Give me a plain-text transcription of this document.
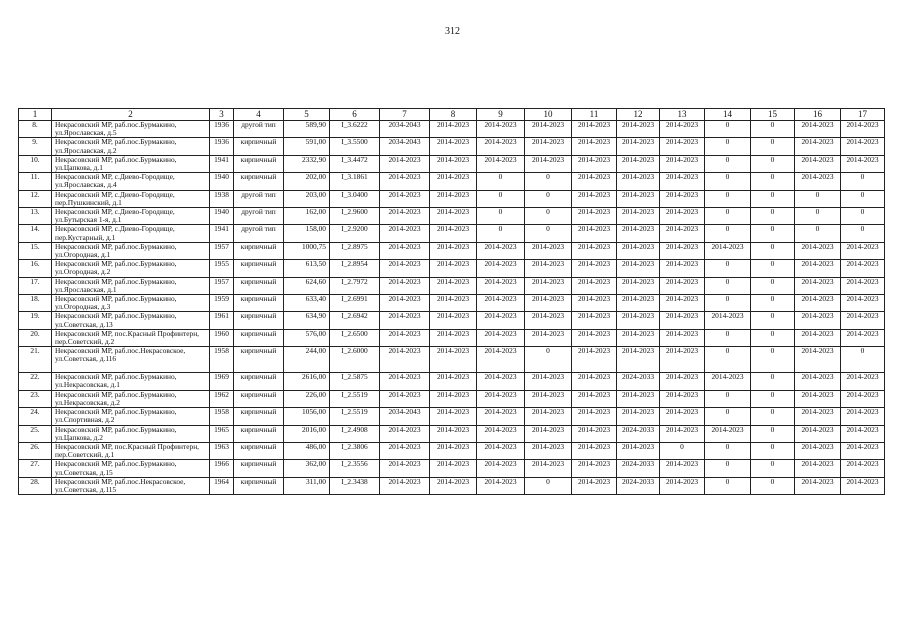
312
1	2	3	4	5	6	7	8	9	10	11	12	13	14	15	16	17
8.	Некрасовский МР, раб.пос.Бурмакино, ул.Ярославская, д.5	1936	другой тип	589,90	I_3.6222	2034-2043	2014-2023	2014-2023	2014-2023	2014-2023	2014-2023	2014-2023	0	0	2014-2023	2014-2023
9.	Некрасовский МР, раб.пос.Бурмакино, ул.Ярославская, д.2	1936	кирпичный	591,00	I_3.5500	2034-2043	2014-2023	2014-2023	2014-2023	2014-2023	2014-2023	2014-2023	0	0	2014-2023	2014-2023
10.	Некрасовский МР, раб.пос.Бурмакино, ул.Цапкова, д.1	1941	кирпичный	2332,90	I_3.4472	2014-2023	2014-2023	2014-2023	2014-2023	2014-2023	2014-2023	2014-2023	0	0	2014-2023	2014-2023
11.	Некрасовский МР, с.Диево-Городище, ул.Ярославская, д.4	1940	кирпичный	202,00	I_3.1861	2014-2023	2014-2023	0	0	2014-2023	2014-2023	2014-2023	0	0	2014-2023	0
12.	Некрасовский МР, с.Диево-Городище, пер.Пушкинский, д.1	1938	другой тип	203,00	I_3.0400	2014-2023	2014-2023	0	0	2014-2023	2014-2023	2014-2023	0	0	0	0
13.	Некрасовский МР, с.Диево-Городище, ул.Бутырская 1-я, д.1	1940	другой тип	162,00	I_2.9600	2014-2023	2014-2023	0	0	2014-2023	2014-2023	2014-2023	0	0	0	0
14.	Некрасовский МР, с.Диево-Городище, пер.Кустарный, д.1	1941	другой тип	158,00	I_2.9200	2014-2023	2014-2023	0	0	2014-2023	2014-2023	2014-2023	0	0	0	0
15.	Некрасовский МР, раб.пос.Бурмакино, ул.Огородная, д.1	1957	кирпичный	1000,75	I_2.8975	2014-2023	2014-2023	2014-2023	2014-2023	2014-2023	2014-2023	2014-2023	2014-2023	0	2014-2023	2014-2023
16.	Некрасовский МР, раб.пос.Бурмакино, ул.Огородная, д.2	1955	кирпичный	613,50	I_2.8954	2014-2023	2014-2023	2014-2023	2014-2023	2014-2023	2014-2023	2014-2023	0	0	2014-2023	2014-2023
17.	Некрасовский МР, раб.пос.Бурмакино, ул.Ярославская, д.1	1957	кирпичный	624,60	I_2.7972	2014-2023	2014-2023	2014-2023	2014-2023	2014-2023	2014-2023	2014-2023	0	0	2014-2023	2014-2023
18.	Некрасовский МР, раб.пос.Бурмакино, ул.Огородная, д.3	1959	кирпичный	633,40	I_2.6991	2014-2023	2014-2023	2014-2023	2014-2023	2014-2023	2014-2023	2014-2023	0	0	2014-2023	2014-2023
19.	Некрасовский МР, раб.пос.Бурмакино, ул.Советская, д.13	1961	кирпичный	634,90	I_2.6942	2014-2023	2014-2023	2014-2023	2014-2023	2014-2023	2014-2023	2014-2023	2014-2023	0	2014-2023	2014-2023
20.	Некрасовский МР, пос.Красный Профинтерн, пер.Советский, д.2	1960	кирпичный	576,00	I_2.6500	2014-2023	2014-2023	2014-2023	2014-2023	2014-2023	2014-2023	2014-2023	0	0	2014-2023	2014-2023
21.	Некрасовский МР, раб.пос.Некрасовское, ул.Советская, д.116	1958	кирпичный	244,00	I_2.6000	2014-2023	2014-2023	2014-2023	0	2014-2023	2014-2023	2014-2023	0	0	2014-2023	0
22.	Некрасовский МР, раб.пос.Бурмакино, ул.Некрасовская, д.1	1969	кирпичный	2616,00	I_2.5875	2014-2023	2014-2023	2014-2023	2014-2023	2014-2023	2024-2033	2014-2023	2014-2023	0	2014-2023	2014-2023
23.	Некрасовский МР, раб.пос.Бурмакино, ул.Некрасовская, д.2	1962	кирпичный	226,00	I_2.5519	2014-2023	2014-2023	2014-2023	2014-2023	2014-2023	2014-2023	2014-2023	0	0	2014-2023	2014-2023
24.	Некрасовский МР, раб.пос.Бурмакино, ул.Спортивная, д.2	1958	кирпичный	1056,00	I_2.5519	2034-2043	2014-2023	2014-2023	2014-2023	2014-2023	2014-2023	2014-2023	0	0	2014-2023	2014-2023
25.	Некрасовский МР, раб.пос.Бурмакино, ул.Цапкова, д.2	1965	кирпичный	2016,00	I_2.4908	2014-2023	2014-2023	2014-2023	2014-2023	2014-2023	2024-2033	2014-2023	2014-2023	0	2014-2023	2014-2023
26.	Некрасовский МР, пос.Красный Профинтерн, пер.Советский, д.1	1963	кирпичный	486,00	I_2.3806	2014-2023	2014-2023	2014-2023	2014-2023	2014-2023	2014-2023	0	0	0	2014-2023	2014-2023
27.	Некрасовский МР, раб.пос.Бурмакино, ул.Советская, д.15	1966	кирпичный	362,00	I_2.3556	2014-2023	2014-2023	2014-2023	2014-2023	2014-2023	2024-2033	2014-2023	0	0	2014-2023	2014-2023
28.	Некрасовский МР, раб.пос.Некрасовское, ул.Советская, д.115	1964	кирпичный	311,00	I_2.3438	2014-2023	2014-2023	2014-2023	0	2014-2023	2024-2033	2014-2023	0	0	2014-2023	2014-2023
